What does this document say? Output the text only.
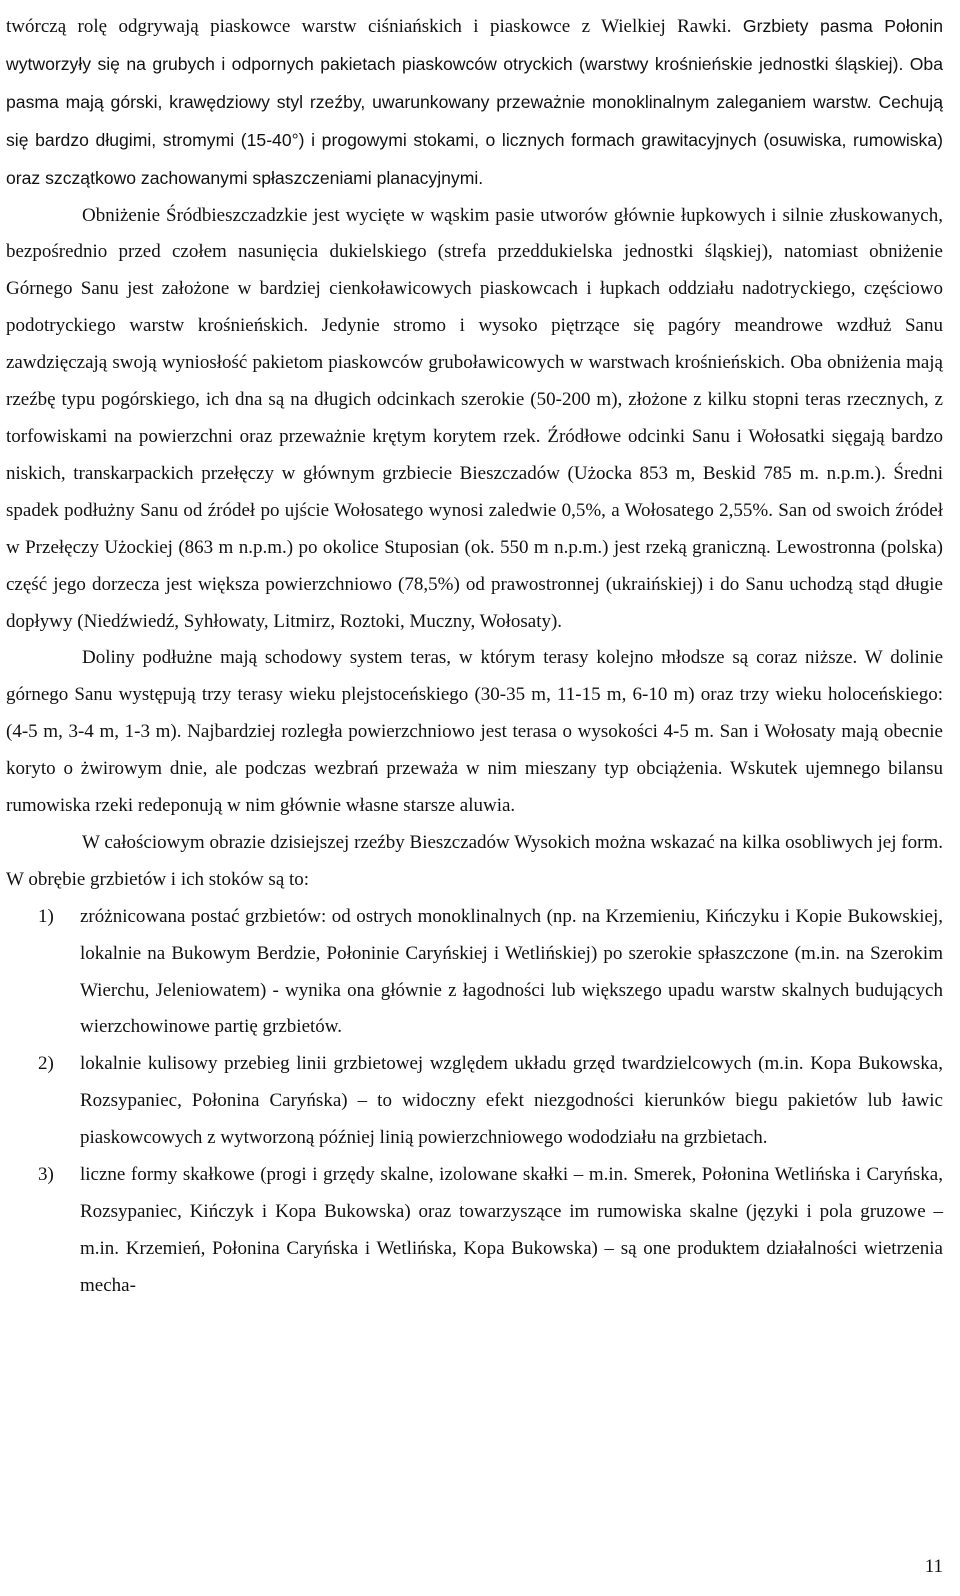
twórczą rolę odgrywają piaskowce warstw ciśniańskich i piaskowce z Wielkiej Rawki. Grzbiety pasma Połonin wytworzyły się na grubych i odpornych pakietach piaskowców otryckich (warstwy krośnieńskie jednostki śląskiej). Oba pasma mają górski, krawędziowy styl rzeźby, uwarunkowany przeważnie monoklinalnym zaleganiem warstw. Cechują się bardzo długimi, stromymi (15-40°) i progowymi stokami, o licznych formach grawitacyjnych (osuwiska, rumowiska) oraz szczątkowo zachowanymi spłaszczeniami planacyjnymi.

Obniżenie Śródbieszczadzkie jest wycięte w wąskim pasie utworów głównie łupkowych i silnie złuskowanych, bezpośrednio przed czołem nasunięcia dukielskiego (strefa przeddukielska jednostki śląskiej), natomiast obniżenie Górnego Sanu jest założone w bardziej cienkoławicowych piaskowcach i łupkach oddziału nadotryckiego, częściowo podotryckiego warstw krośnieńskich. Jedynie stromo i wysoko piętrzące się pagóry meandrowe wzdłuż Sanu zawdzięczają swoją wyniosłość pakietom piaskowców gruboławicowych w warstwach krośnieńskich. Oba obniżenia mają rzeźbę typu pogórskiego, ich dna są na długich odcinkach szerokie (50-200 m), złożone z kilku stopni teras rzecznych, z torfowiskami na powierzchni oraz przeważnie krętym korytem rzek. Źródłowe odcinki Sanu i Wołosatki sięgają bardzo niskich, transkarpackich przełęczy w głównym grzbiecie Bieszczadów (Użocka 853 m, Beskid 785 m. n.p.m.). Średni spadek podłużny Sanu od źródeł po ujście Wołosatego wynosi zaledwie 0,5%, a Wołosatego 2,55%. San od swoich źródeł w Przełęczy Użockiej (863 m n.p.m.) po okolice Stuposian (ok. 550 m n.p.m.) jest rzeką graniczną. Lewostronna (polska) część jego dorzecza jest większa powierzchniowo (78,5%) od prawostronnej (ukraińskiej) i do Sanu uchodzą stąd długie dopływy (Niedźwiedź, Syhłowaty, Litmirz, Roztoki, Muczny, Wołosaty).

Doliny podłużne mają schodowy system teras, w którym terasy kolejno młodsze są coraz niższe. W dolinie górnego Sanu występują trzy terasy wieku plejstoceńskiego (30-35 m, 11-15 m, 6-10 m) oraz trzy wieku holoceńskiego: (4-5 m, 3-4 m, 1-3 m). Najbardziej rozległa powierzchniowo jest terasa o wysokości 4-5 m. San i Wołosaty mają obecnie koryto o żwirowym dnie, ale podczas wezbrań przeważa w nim mieszany typ obciążenia. Wskutek ujemnego bilansu rumowiska rzeki redeponują w nim głównie własne starsze aluwia.

W całościowym obrazie dzisiejszej rzeźby Bieszczadów Wysokich można wskazać na kilka osobliwych jej form. W obrębie grzbietów i ich stoków są to:

1) zróżnicowana postać grzbietów: od ostrych monoklinalnych (np. na Krzemieniu, Kińczyku i Kopie Bukowskiej, lokalnie na Bukowym Berdzie, Połoninie Caryńskiej i Wetlińskiej) po szerokie spłaszczone (m.in. na Szerokim Wierchu, Jeleniowatem) - wynika ona głównie z łagodności lub większego upadu warstw skalnych budujących wierzchowinowe partię grzbietów.
2) lokalnie kulisowy przebieg linii grzbietowej względem układu grzęd twardzielcowych (m.in. Kopa Bukowska, Rozsypaniec, Połonina Caryńska) – to widoczny efekt niezgodności kierunków biegu pakietów lub ławic piaskowcowych z wytworzoną później linią powierzchniowego wododziału na grzbietach.
3) liczne formy skałkowe (progi i grzędy skalne, izolowane skałki – m.in. Smerek, Połonina Wetlińska i Caryńska, Rozsypaniec, Kińczyk i Kopa Bukowska) oraz towarzyszące im rumowiska skalne (języki i pola gruzowe – m.in. Krzemień, Połonina Caryńska i Wetlińska, Kopa Bukowska) – są one produktem działalności wietrzenia mecha-
11
